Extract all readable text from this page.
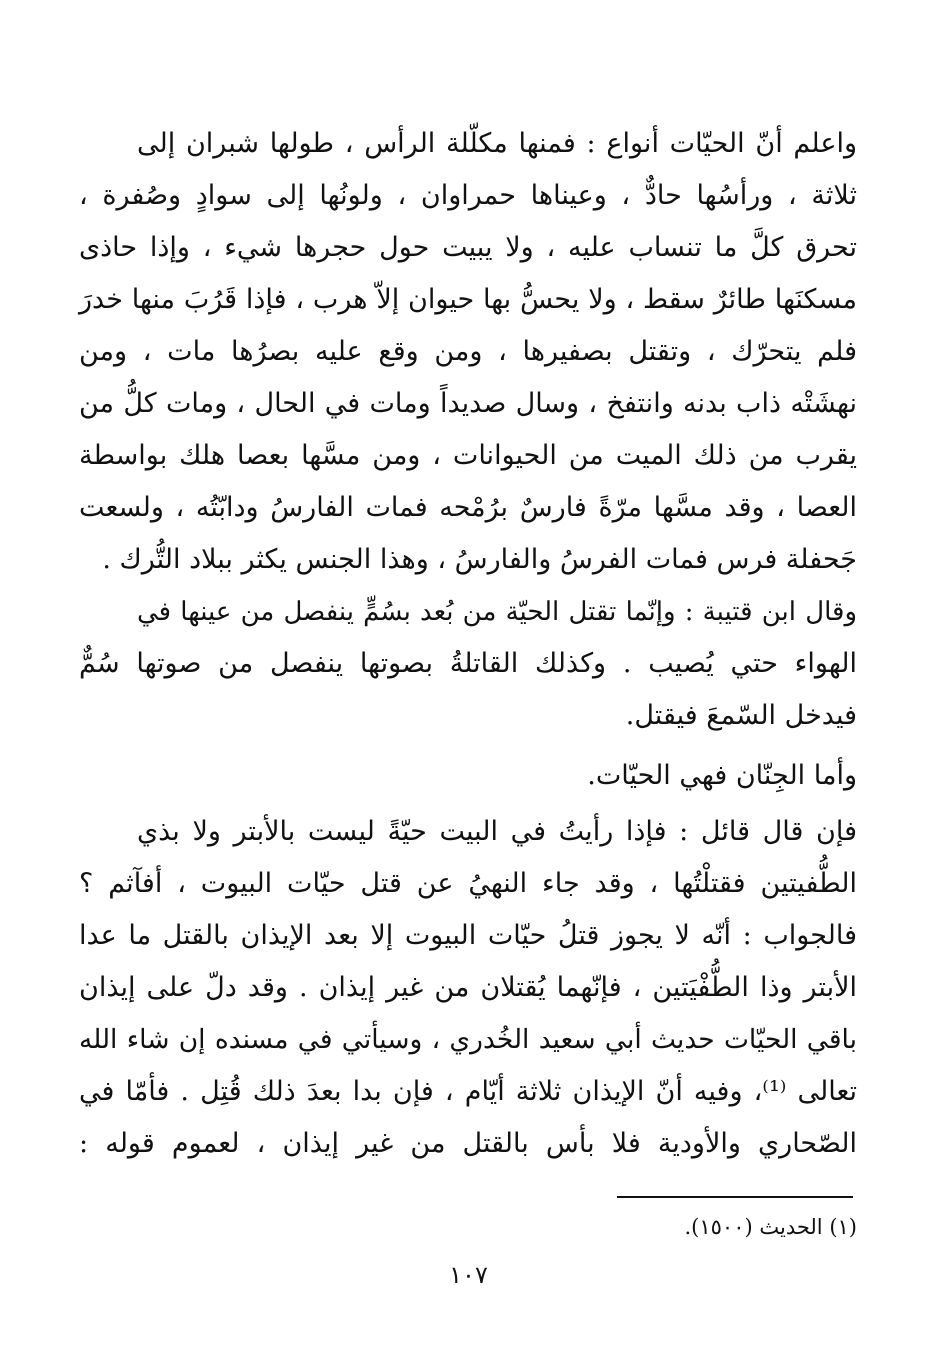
واعلم أنّ الحيّات أنواع : فمنها مكلّلة الرأس ، طولها شبران إلى
ثلاثة ، ورأسُها حادٌّ ، وعيناها حمراوان ، ولونُها إلى سوادٍ وصُفرة ،
تحرق كلَّ ما تنساب عليه ، ولا يبيت حول حجرها شيء ، وإذا حاذى
مسكنَها طائرٌ سقط ، ولا يحسُّ بها حيوان إلاّ هرب ، فإذا قَرُبَ منها خدرَ
فلم يتحرّك ، وتقتل بصفيرها ، ومن وقع عليه بصرُها مات ، ومن
نهشَتْه ذاب بدنه وانتفخ ، وسال صديداً ومات في الحال ، ومات كلُّ من
يقرب من ذلك الميت من الحيوانات ، ومن مسَّها بعصا هلك بواسطة
العصا ، وقد مسَّها مرّةً فارسٌ برُمْحه فمات الفارسُ ودابّتُه ، ولسعت
جَحفلة فرس فمات الفرسُ والفارسُ ، وهذا الجنس يكثر ببلاد التُّرك .
وقال ابن قتيبة : وإنّما تقتل الحيّة من بُعد بسُمٍّ ينفصل من عينها في
الهواء حتي يُصيب . وكذلك القاتلةُ بصوتها ينفصل من صوتها سُمٌّ
فيدخل السّمعَ فيقتل.
وأما الجِنّان فهي الحيّات.
فإن قال قائل : فإذا رأيتُ في البيت حيّةً ليست بالأبتر ولا بذي
الطُّفيتين فقتلْتُها ، وقد جاء النهيُ عن قتل حيّات البيوت ، أفآثم ؟
فالجواب : أنّه لا يجوز قتلُ حيّات البيوت إلا بعد الإيذان بالقتل ما عدا
الأبتر وذا الطُّفْيَتين ، فإنّهما يُقتلان من غير إيذان . وقد دلّ على إيذان
باقي الحيّات حديث أبي سعيد الخُدري ، وسيأتي في مسنده إن شاء الله
تعالى ⁽¹⁾، وفيه أنّ الإيذان ثلاثة أيّام ، فإن بدا بعدَ ذلك قُتِل . فأمّا في
الصّحاري والأودية فلا بأس بالقتل من غير إيذان ، لعموم قوله :
(١) الحديث (١٥٠٠).
١٠٧
